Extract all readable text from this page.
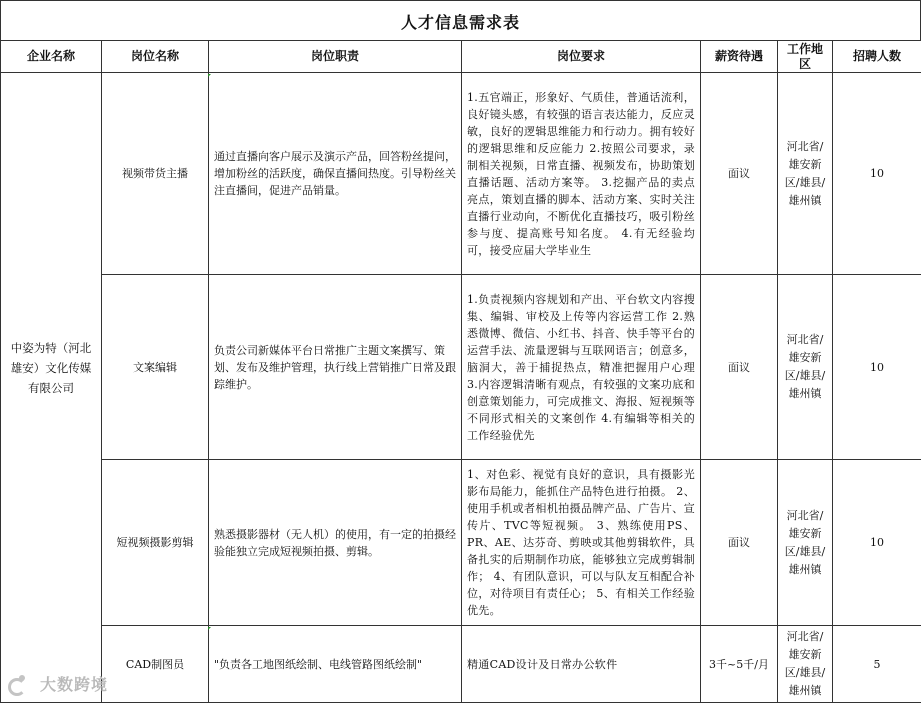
人才信息需求表
企业名称	岗位名称	岗位职责	岗位要求	薪资待遇	工作地区	招聘人数

中姿为特（河北雄安）文化传媒有限公司	视频带货主播	通过直播向客户展示及演示产品，回答粉丝提问，增加粉丝的活跃度，确保直播间热度。引导粉丝关注直播间，促进产品销量。	1.五官端正，形象好、气质佳，普通话流利，良好镜头感，有较强的语言表达能力，反应灵敏，良好的逻辑思维能力和行动力。拥有较好的逻辑思维和反应能力 2.按照公司要求，录制相关视频，日常直播、视频发布，协助策划直播话题、活动方案等。 3.挖掘产品的卖点亮点，策划直播的脚本、活动方案、实时关注直播行业动向，不断优化直播技巧，吸引粉丝参与度、提高账号知名度。 4.有无经验均可，接受应届大学毕业生	面议	河北省/雄安新区/雄县/雄州镇	10
	文案编辑	负责公司新媒体平台日常推广主题文案撰写、策划、发布及维护管理，执行线上营销推广日常及跟踪维护。	1.负责视频内容规划和产出、平台软文内容搜集、编辑、审校及上传等内容运营工作 2.熟悉微博、微信、小红书、抖音、快手等平台的运营手法、流量逻辑与互联网语言；创意多，脑洞大，善于捕捉热点，精准把握用户心理 3.内容逻辑清晰有观点，有较强的文案功底和创意策划能力，可完成推文、海报、短视频等不同形式相关的文案创作 4.有编辑等相关的工作经验优先	面议	河北省/雄安新区/雄县/雄州镇	10
	短视频摄影剪辑	熟悉摄影器材（无人机）的使用，有一定的拍摄经验能独立完成短视频拍摄、剪辑。	1、对色彩、视觉有良好的意识，具有摄影光影布局能力，能抓住产品特色进行拍摄。 2、使用手机或者相机拍摄品牌产品、广告片、宣传片、TVC等短视频。 3、熟练使用PS、PR、AE、达芬奇、剪映或其他剪辑软件，具备扎实的后期制作功底，能够独立完成剪辑制作； 4、有团队意识，可以与队友互相配合补位，对待项目有责任心； 5、有相关工作经验优先。	面议	河北省/雄安新区/雄县/雄州镇	10
	CAD制图员	"负责各工地图纸绘制、电线管路图纸绘制"	精通CAD设计及日常办公软件	3千~5千/月	河北省/雄安新区/雄县/雄州镇	5
大数跨境
